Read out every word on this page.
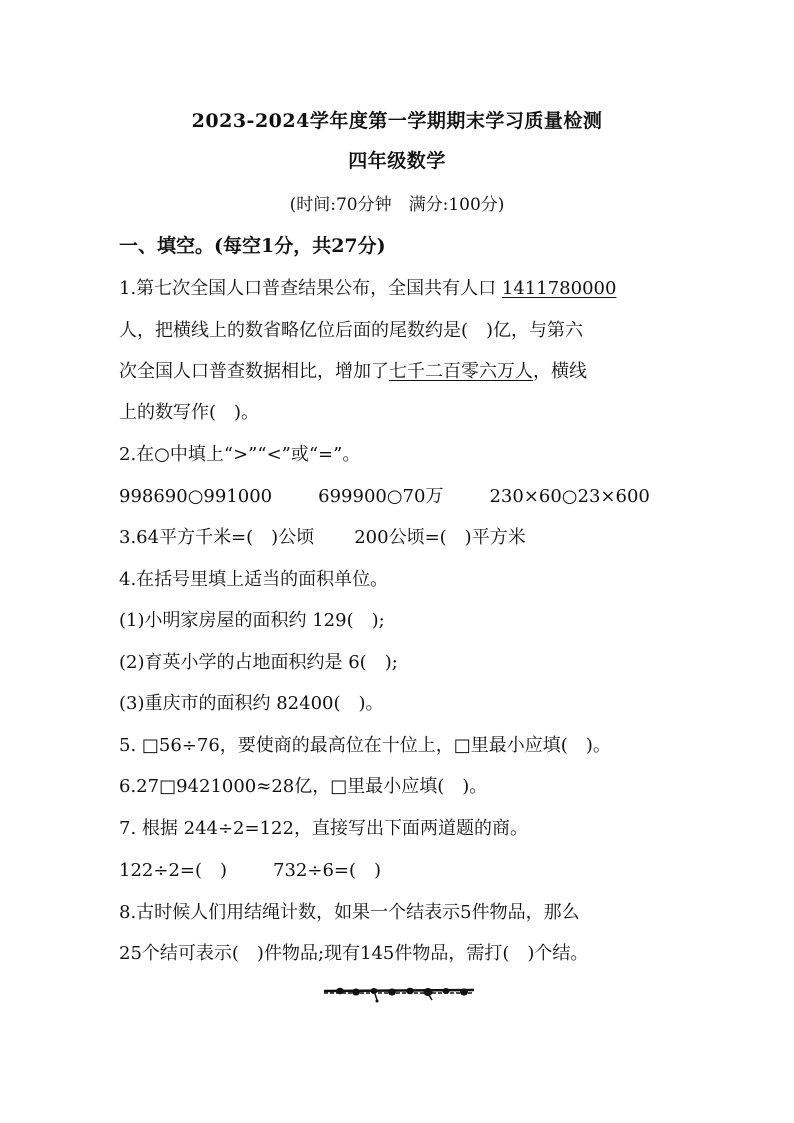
2023-2024学年度第一学期期末学习质量检测
四年级数学
(时间:70分钟　满分:100分)
一、填空。(每空1分，共27分)
1.第七次全国人口普查结果公布，全国共有人口 1411780000
人，把横线上的数省略亿位后面的尾数约是(　)亿，与第六
次全国人口普查数据相比，增加了七千二百零六万人，横线
上的数写作(　)。
2.在○中填上“>”“<”或“=”。
998690○991000	699900○70万	230×60○23×600
3.64平方千米=(　)公顷 200公顷=(　)平方米
4.在括号里填上适当的面积单位。
(1)小明家房屋的面积约 129(　);
(2)育英小学的占地面积约是 6(　);
(3)重庆市的面积约 82400(　)。
5. □56÷76，要使商的最高位在十位上，□里最小应填(　)。
6.27□9421000≈28亿，□里最小应填(　)。
7. 根据 244÷2=122，直接写出下面两道题的商。
122÷2=(　)	732÷6=(　)
8.古时候人们用结绳计数，如果一个结表示5件物品，那么
25个结可表示(　)件物品;现有145件物品，需打(　)个结。
